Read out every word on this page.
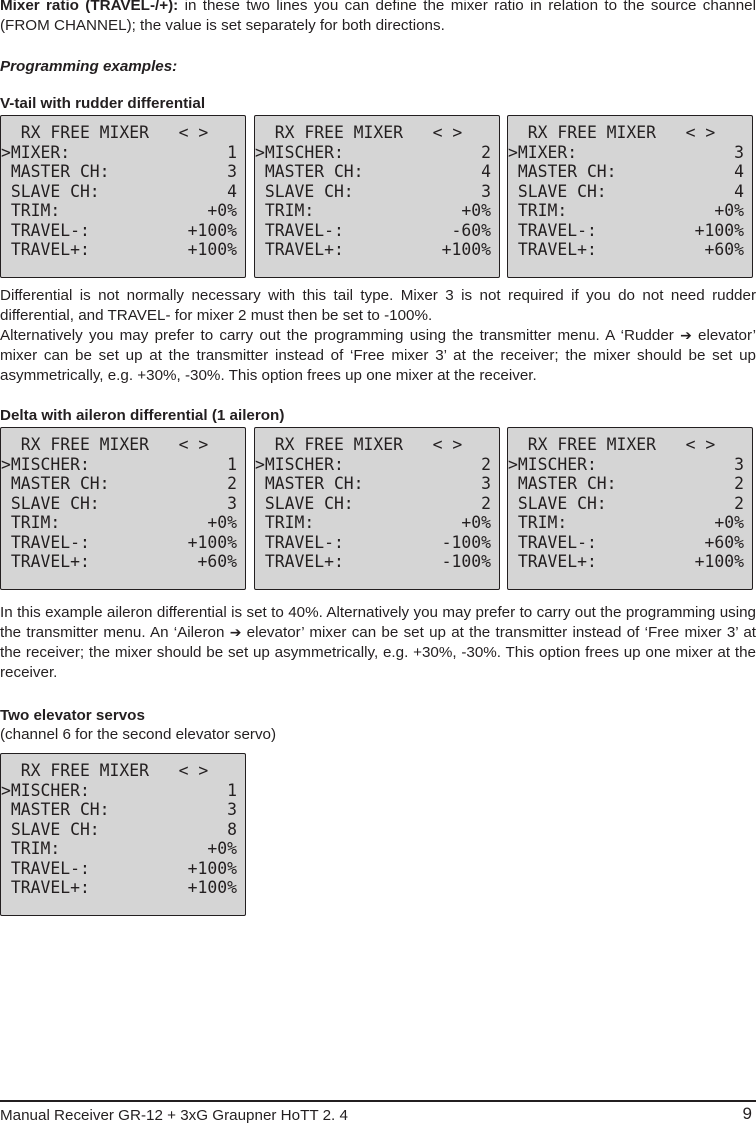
Mixer ratio (TRAVEL-/+): in these two lines you can define the mixer ratio in relation to the source channel (FROM CHANNEL); the value is set separately for both directions.

Programming examples:

V-tail with rudder differential

RX FREE MIXER   < >
>MIXER:	1
MASTER CH:	3
SLAVE CH:	4
TRIM:	+0%
TRAVEL-:	+100%
TRAVEL+:	+100%
RX FREE MIXER   < >
>MISCHER:	2
MASTER CH:	4
SLAVE CH:	3
TRIM:	+0%
TRAVEL-:	-60%
TRAVEL+:	+100%
RX FREE MIXER   < >
>MIXER:	3
MASTER CH:	4
SLAVE CH:	4
TRIM:	+0%
TRAVEL-:	+100%
TRAVEL+:	+60%

Differential is not normally necessary with this tail type. Mixer 3 is not required if you do not need rudder differential, and TRAVEL- for mixer 2 must then be set to -100%.

Alternatively you may prefer to carry out the programming using the transmitter menu. A ‘Rudder ➔ elevator’ mixer can be set up at the transmitter instead of ‘Free mixer 3’ at the receiver; the mixer should be set up asymmetrically, e.g. +30%, -30%. This option frees up one mixer at the receiver.

Delta with aileron differential (1 aileron)

RX FREE MIXER   < >
>MISCHER:	1
MASTER CH:	2
SLAVE CH:	3
TRIM:	+0%
TRAVEL-:	+100%
TRAVEL+:	+60%
RX FREE MIXER   < >
>MISCHER:	2
MASTER CH:	3
SLAVE CH:	2
TRIM:	+0%
TRAVEL-:	-100%
TRAVEL+:	-100%
RX FREE MIXER   < >
>MISCHER:	3
MASTER CH:	2
SLAVE CH:	2
TRIM:	+0%
TRAVEL-:	+60%
TRAVEL+:	+100%

In this example aileron differential is set to 40%. Alternatively you may prefer to carry out the programming using the transmitter menu. An ‘Aileron ➔ elevator’ mixer can be set up at the transmitter instead of ‘Free mixer 3’ at the receiver; the mixer should be set up asymmetrically, e.g. +30%, -30%. This option frees up one mixer at the receiver.

Two elevator servos

(channel 6 for the second elevator servo)

RX FREE MIXER   < >
>MISCHER:	1
MASTER CH:	3
SLAVE CH:	8
TRIM:	+0%
TRAVEL-:	+100%
TRAVEL+:	+100%
Manual Receiver GR-12 + 3xG Graupner HoTT 2. 4	9
